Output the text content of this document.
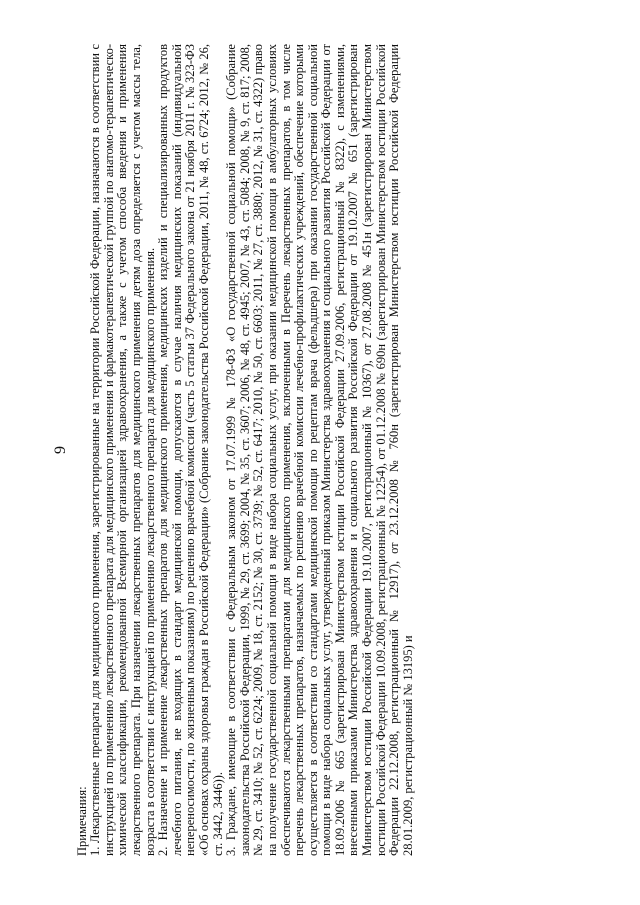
9

Примечания: 1. Лекарственные препараты для медицинского применения, зарегистрированные на территории Российской Федерации, назначаются в соответствии с инструкцией по применению лекарственного препарата для медицинского применения и фармакотерапевтической группой по анатомо-терапевтическо-химической классификации, рекомендованной Всемирной организацией здравоохранения, а также с учетом способа введения и применения лекарственного препарата. При назначении лекарственных препаратов для медицинского применения детям доза определяется с учетом массы тела, возраста в соответствии с инструкцией по применению лекарственного препарата для медицинского применения. 2. Назначение и применение лекарственных препаратов для медицинского применения, медицинских изделий и специализированных продуктов лечебного питания, не входящих в стандарт медицинской помощи, допускаются в случае наличия медицинских показаний (индивидуальной непереносимости, по жизненным показаниям) по решению врачебной комиссии (часть 5 статьи 37 Федерального закона от 21 ноября 2011 г. № 323-ФЗ «Об основах охраны здоровья граждан в Российской Федерации» (Собрание законодательства Российской Федерации, 2011, № 48, ст. 6724; 2012, № 26, ст. 3442, 3446)). 3. Граждане, имеющие в соответствии с Федеральным законом от 17.07.1999 № 178-ФЗ «О государственной социальной помощи» (Собрание законодательства Российской Федерации, 1999, № 29, ст. 3699; 2004, № 35, ст. 3607; 2006, № 48, ст. 4945; 2007, № 43, ст. 5084; 2008, № 9, ст. 817; 2008, № 29, ст. 3410; № 52, ст. 6224; 2009, № 18, ст. 2152; № 30, ст. 3739; № 52, ст. 6417; 2010, № 50, ст. 6603; 2011, № 27, ст. 3880; 2012, № 31, ст. 4322) право на получение государственной социальной помощи в виде набора социальных услуг, при оказании медицинской помощи в амбулаторных условиях обеспечиваются лекарственными препаратами для медицинского применения, включенными в Перечень лекарственных препаратов, в том числе перечень лекарственных препаратов, назначаемых по решению врачебной комиссии лечебно-профилактических учреждений, обеспечение которыми осуществляется в соответствии со стандартами медицинской помощи по рецептам врача (фельдшера) при оказании государственной социальной помощи в виде набора социальных услуг, утвержденный приказом Министерства здравоохранения и социального развития Российской Федерации от 18.09.2006 № 665 (зарегистрирован Министерством юстиции Российской Федерации 27.09.2006, регистрационный № 8322), с изменениями, внесенными приказами Министерства здравоохранения и социального развития Российской Федерации от 19.10.2007 № 651 (зарегистрирован Министерством юстиции Российской Федерации 19.10.2007, регистрационный № 10367), от 27.08.2008 № 451н (зарегистрирован Министерством юстиции Российской Федерации 10.09.2008, регистрационный № 12254), от 01.12.2008 № 690н (зарегистрирован Министерством юстиции Российской Федерации 22.12.2008, регистрационный № 12917), от 23.12.2008 № 760н (зарегистрирован Министерством юстиции Российской Федерации 28.01.2009, регистрационный № 13195) и
